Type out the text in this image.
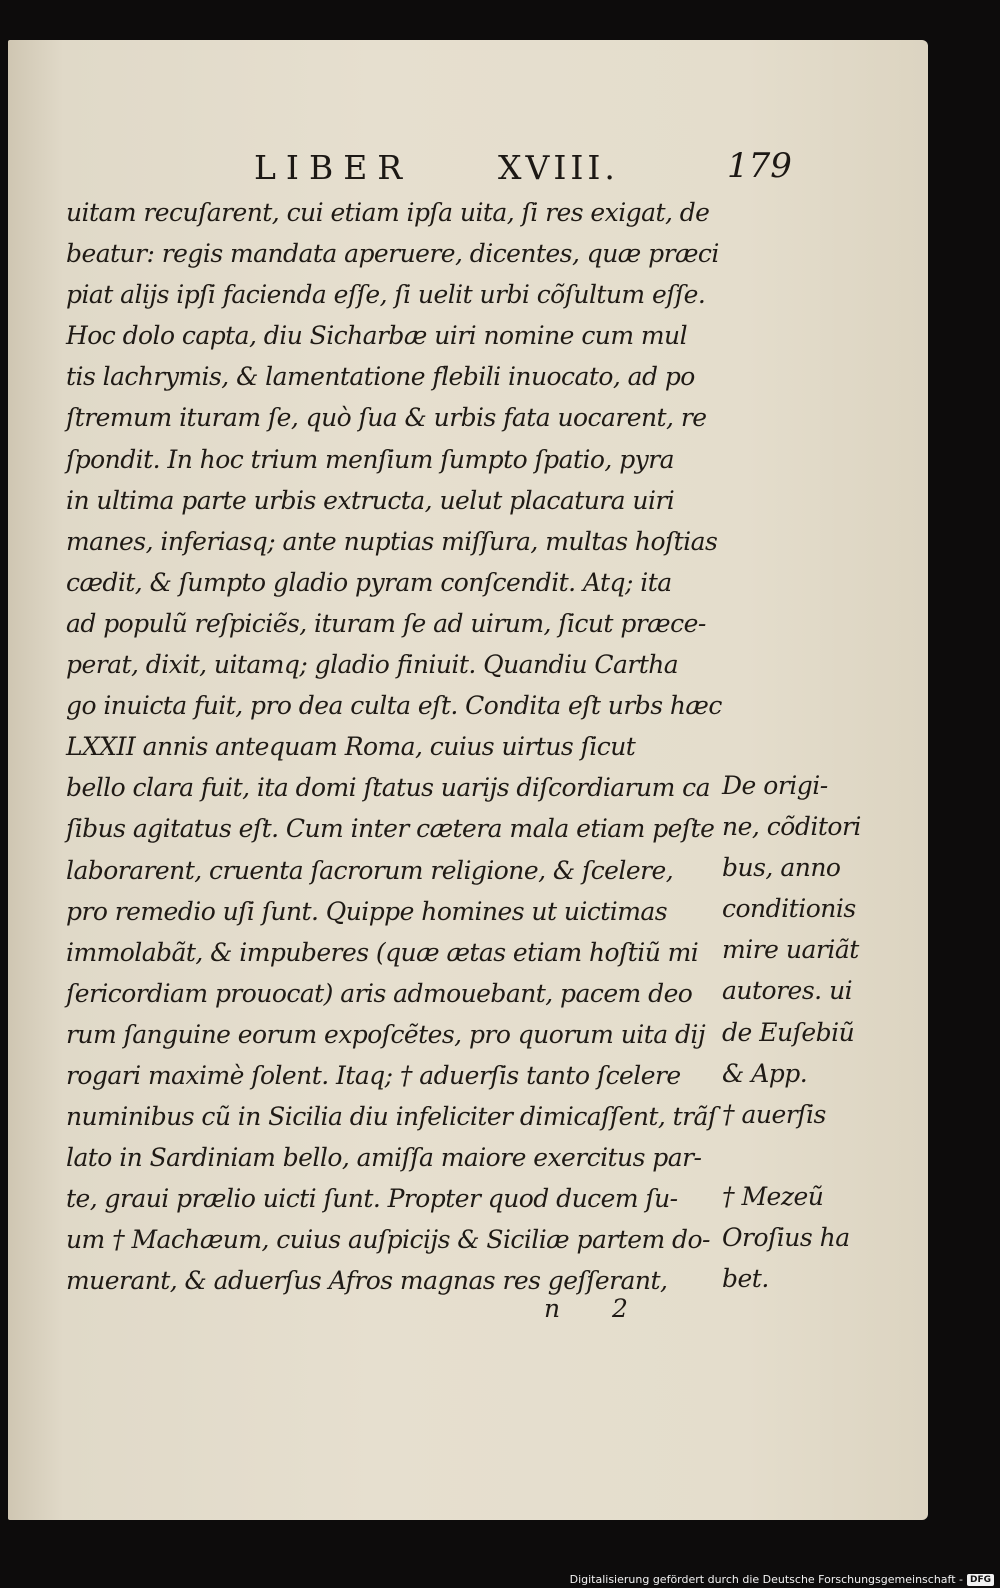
LIBER	XVIII.	179
uitam recuſarent, cui etiam ipſa uita, ſi res exigat, de
beatur: regis mandata aperuere, dicentes, quæ præci
piat alijs ipſi facienda eſſe, ſi uelit urbi cõſultum eſſe.
Hoc dolo capta, diu Sicharbæ uiri nomine cum mul
tis lachrymis, & lamentatione flebili inuocato, ad po
ſtremum ituram ſe, quò ſua & urbis fata uocarent, re
ſpondit. In hoc trium menſium ſumpto ſpatio, pyra
in ultima parte urbis extructa, uelut placatura uiri
manes, inferiasq; ante nuptias miſſura, multas hoſtias
cædit, & ſumpto gladio pyram conſcendit. Atq; ita
ad populũ reſpiciẽs, ituram ſe ad uirum, ſicut præce-
perat, dixit, uitamq; gladio finiuit. Quandiu Cartha
go inuicta fuit, pro dea culta eſt. Condita eſt urbs hæc
LXXII annis antequam Roma, cuius uirtus ſicut
bello clara fuit, ita domi ſtatus uarijs diſcordiarum ca
ſibus agitatus eſt. Cum inter cætera mala etiam peſte
laborarent, cruenta ſacrorum religione, & ſcelere,
pro remedio uſi ſunt. Quippe homines ut uictimas
immolabãt, & impuberes (quæ ætas etiam hoſtiũ mi
ſericordiam prouocat) aris admouebant, pacem deo
rum ſanguine eorum expoſcẽtes, pro quorum uita dij
rogari maximè ſolent. Itaq; † aduerſis tanto ſcelere
numinibus cũ in Sicilia diu infeliciter dimicaſſent, trãſ
lato in Sardiniam bello, amiſſa maiore exercitus par-
te, graui prælio uicti ſunt. Propter quod ducem ſu-
um † Machæum, cuius auſpicijs & Siciliæ partem do-
muerant, & aduerſus Afros magnas res geſſerant,
De origi-
ne, cõditori
bus, anno
conditionis
mire uariãt
autores. ui
de Euſebiũ
& App.
† auerſis
† Mezeũ
Oroſius ha
bet.
n 2
Digitalisierung gefördert durch die Deutsche Forschungsgemeinschaft - DFG
